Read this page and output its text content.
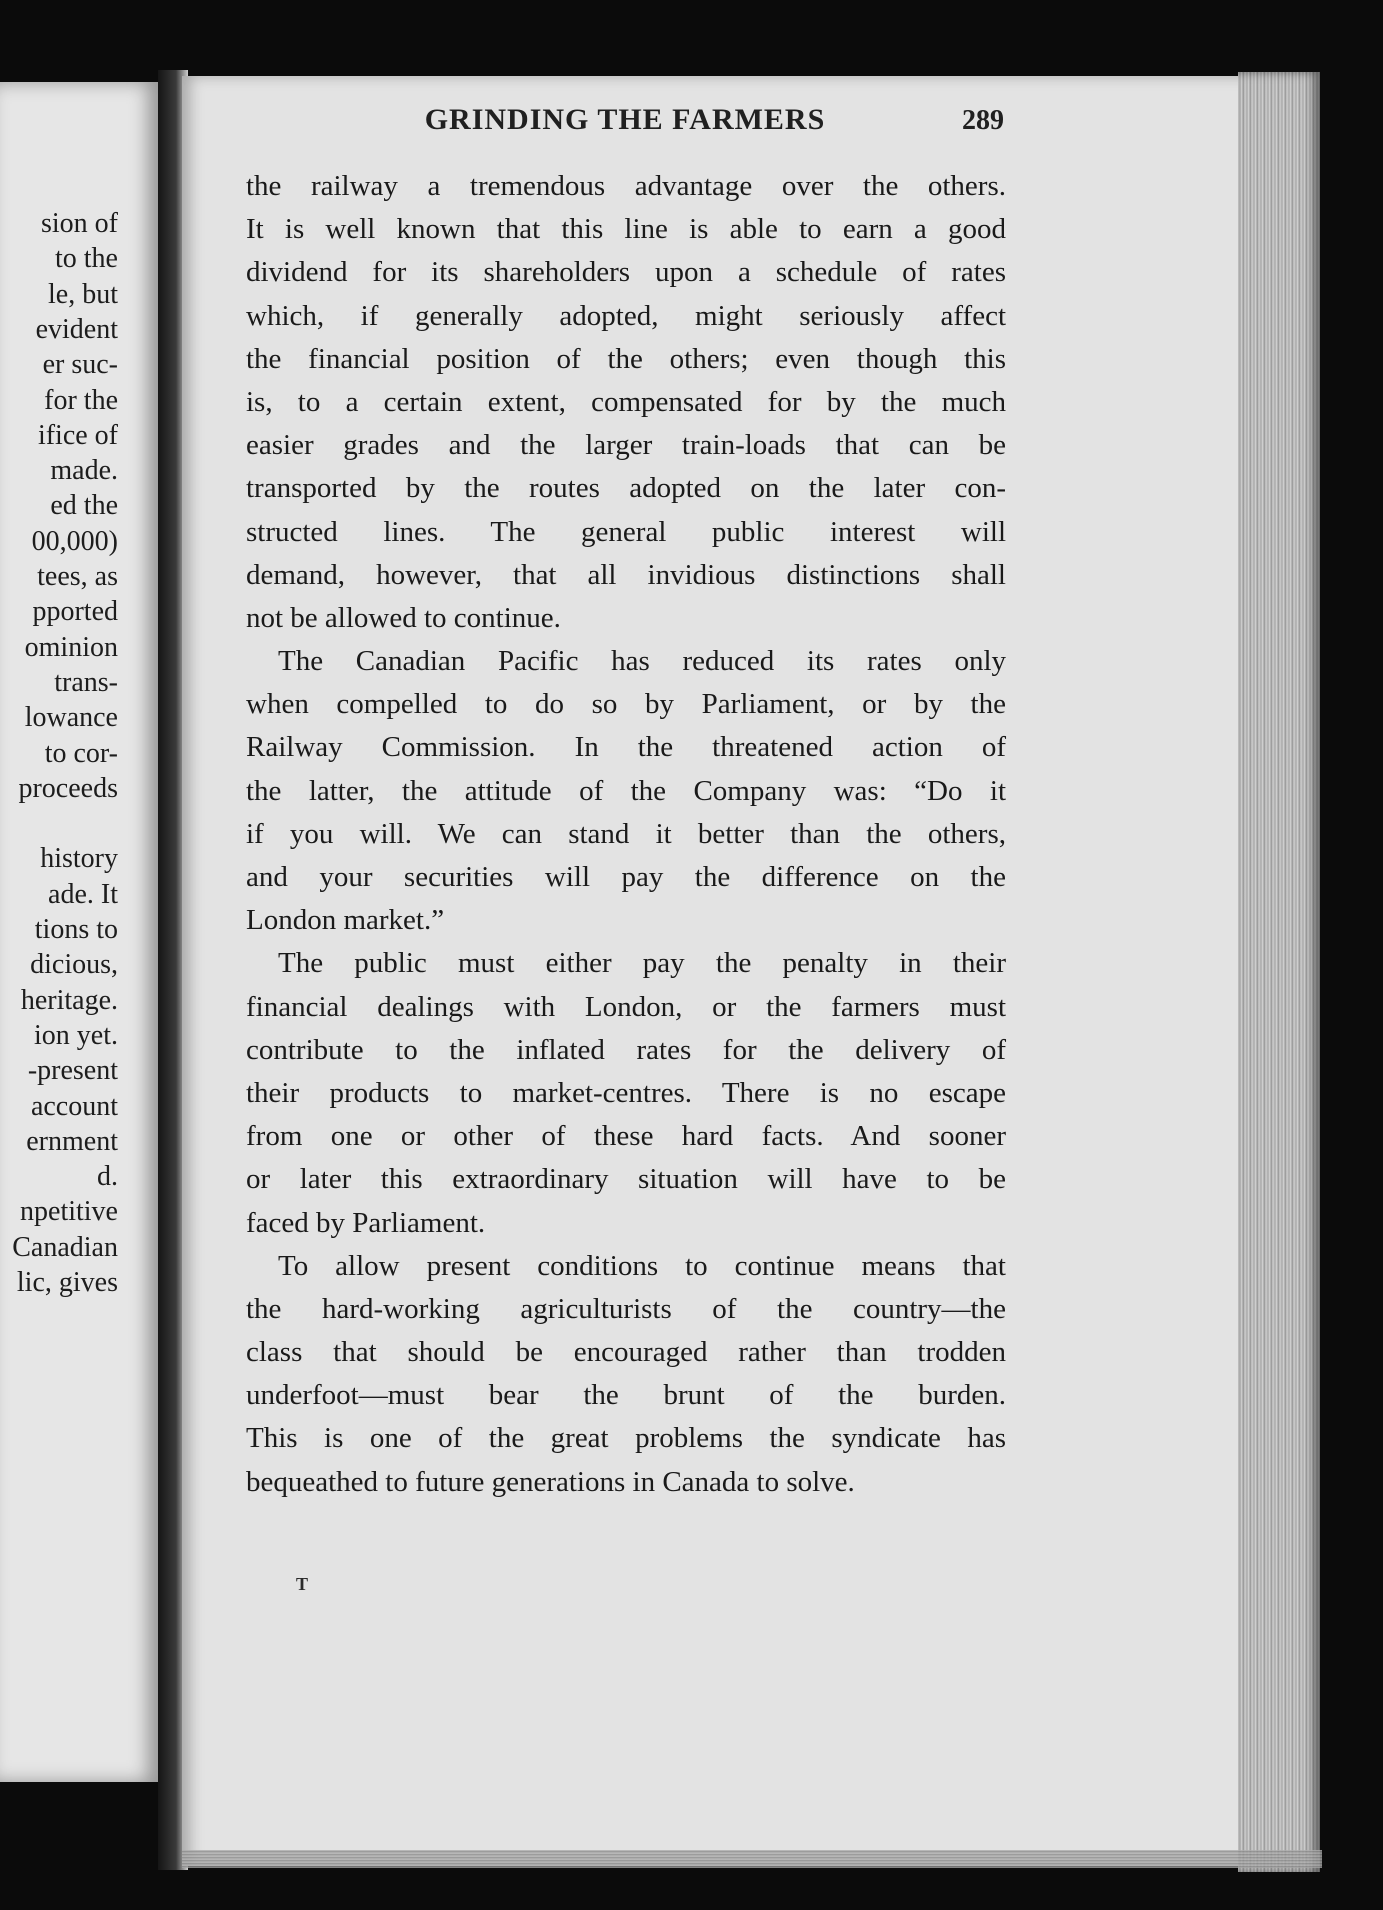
sion of
to the
le, but
evident
er suc-
for the
ifice of
made.
ed the
00,000)
tees, as
pported
ominion
trans-
lowance
to cor-
proceeds
history
ade. It
tions to
dicious,
heritage.
ion yet.
-present
account
ernment
d.
npetitive
Canadian
lic, gives
GRINDING THE FARMERS	289
the railway a tremendous advantage over the others.
It is well known that this line is able to earn a good
dividend for its shareholders upon a schedule of rates
which, if generally adopted, might seriously affect
the financial position of the others; even though this
is, to a certain extent, compensated for by the much
easier grades and the larger train-loads that can be
transported by the routes adopted on the later con-
structed lines. The general public interest will
demand, however, that all invidious distinctions shall
not be allowed to continue.
The Canadian Pacific has reduced its rates only
when compelled to do so by Parliament, or by the
Railway Commission. In the threatened action of
the latter, the attitude of the Company was: “Do it
if you will. We can stand it better than the others,
and your securities will pay the difference on the
London market.”
The public must either pay the penalty in their
financial dealings with London, or the farmers must
contribute to the inflated rates for the delivery of
their products to market-centres. There is no escape
from one or other of these hard facts. And sooner
or later this extraordinary situation will have to be
faced by Parliament.
To allow present conditions to continue means that
the hard-working agriculturists of the country—the
class that should be encouraged rather than trodden
underfoot—must bear the brunt of the burden.
This is one of the great problems the syndicate has
bequeathed to future generations in Canada to solve.
T
